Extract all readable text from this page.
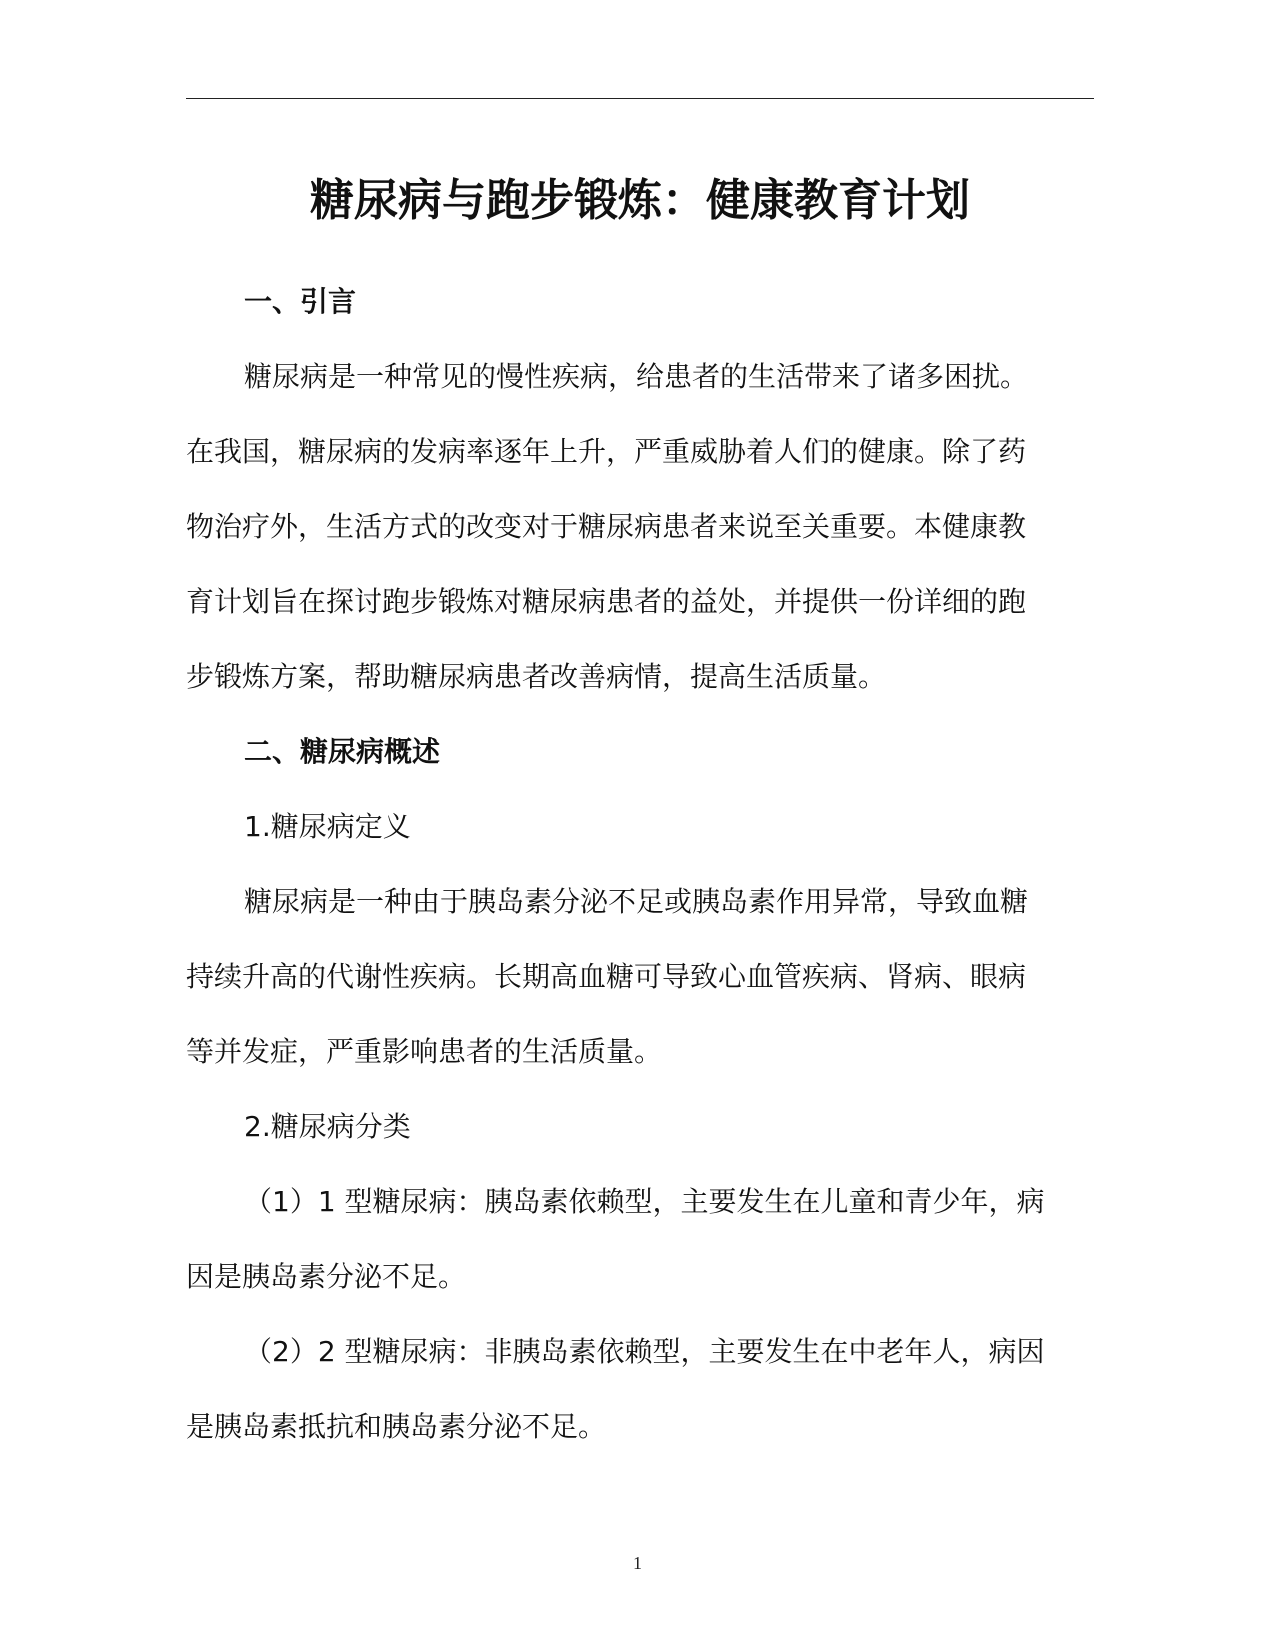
糖尿病与跑步锻炼：健康教育计划
一、引言
糖尿病是一种常见的慢性疾病，给患者的生活带来了诸多困扰。
在我国，糖尿病的发病率逐年上升，严重威胁着人们的健康。除了药
物治疗外，生活方式的改变对于糖尿病患者来说至关重要。本健康教
育计划旨在探讨跑步锻炼对糖尿病患者的益处，并提供一份详细的跑
步锻炼方案，帮助糖尿病患者改善病情，提高生活质量。
二、糖尿病概述
1.糖尿病定义
糖尿病是一种由于胰岛素分泌不足或胰岛素作用异常，导致血糖
持续升高的代谢性疾病。长期高血糖可导致心血管疾病、肾病、眼病
等并发症，严重影响患者的生活质量。
2.糖尿病分类
（1）1 型糖尿病：胰岛素依赖型，主要发生在儿童和青少年，病
因是胰岛素分泌不足。
（2）2 型糖尿病：非胰岛素依赖型，主要发生在中老年人，病因
是胰岛素抵抗和胰岛素分泌不足。
1
